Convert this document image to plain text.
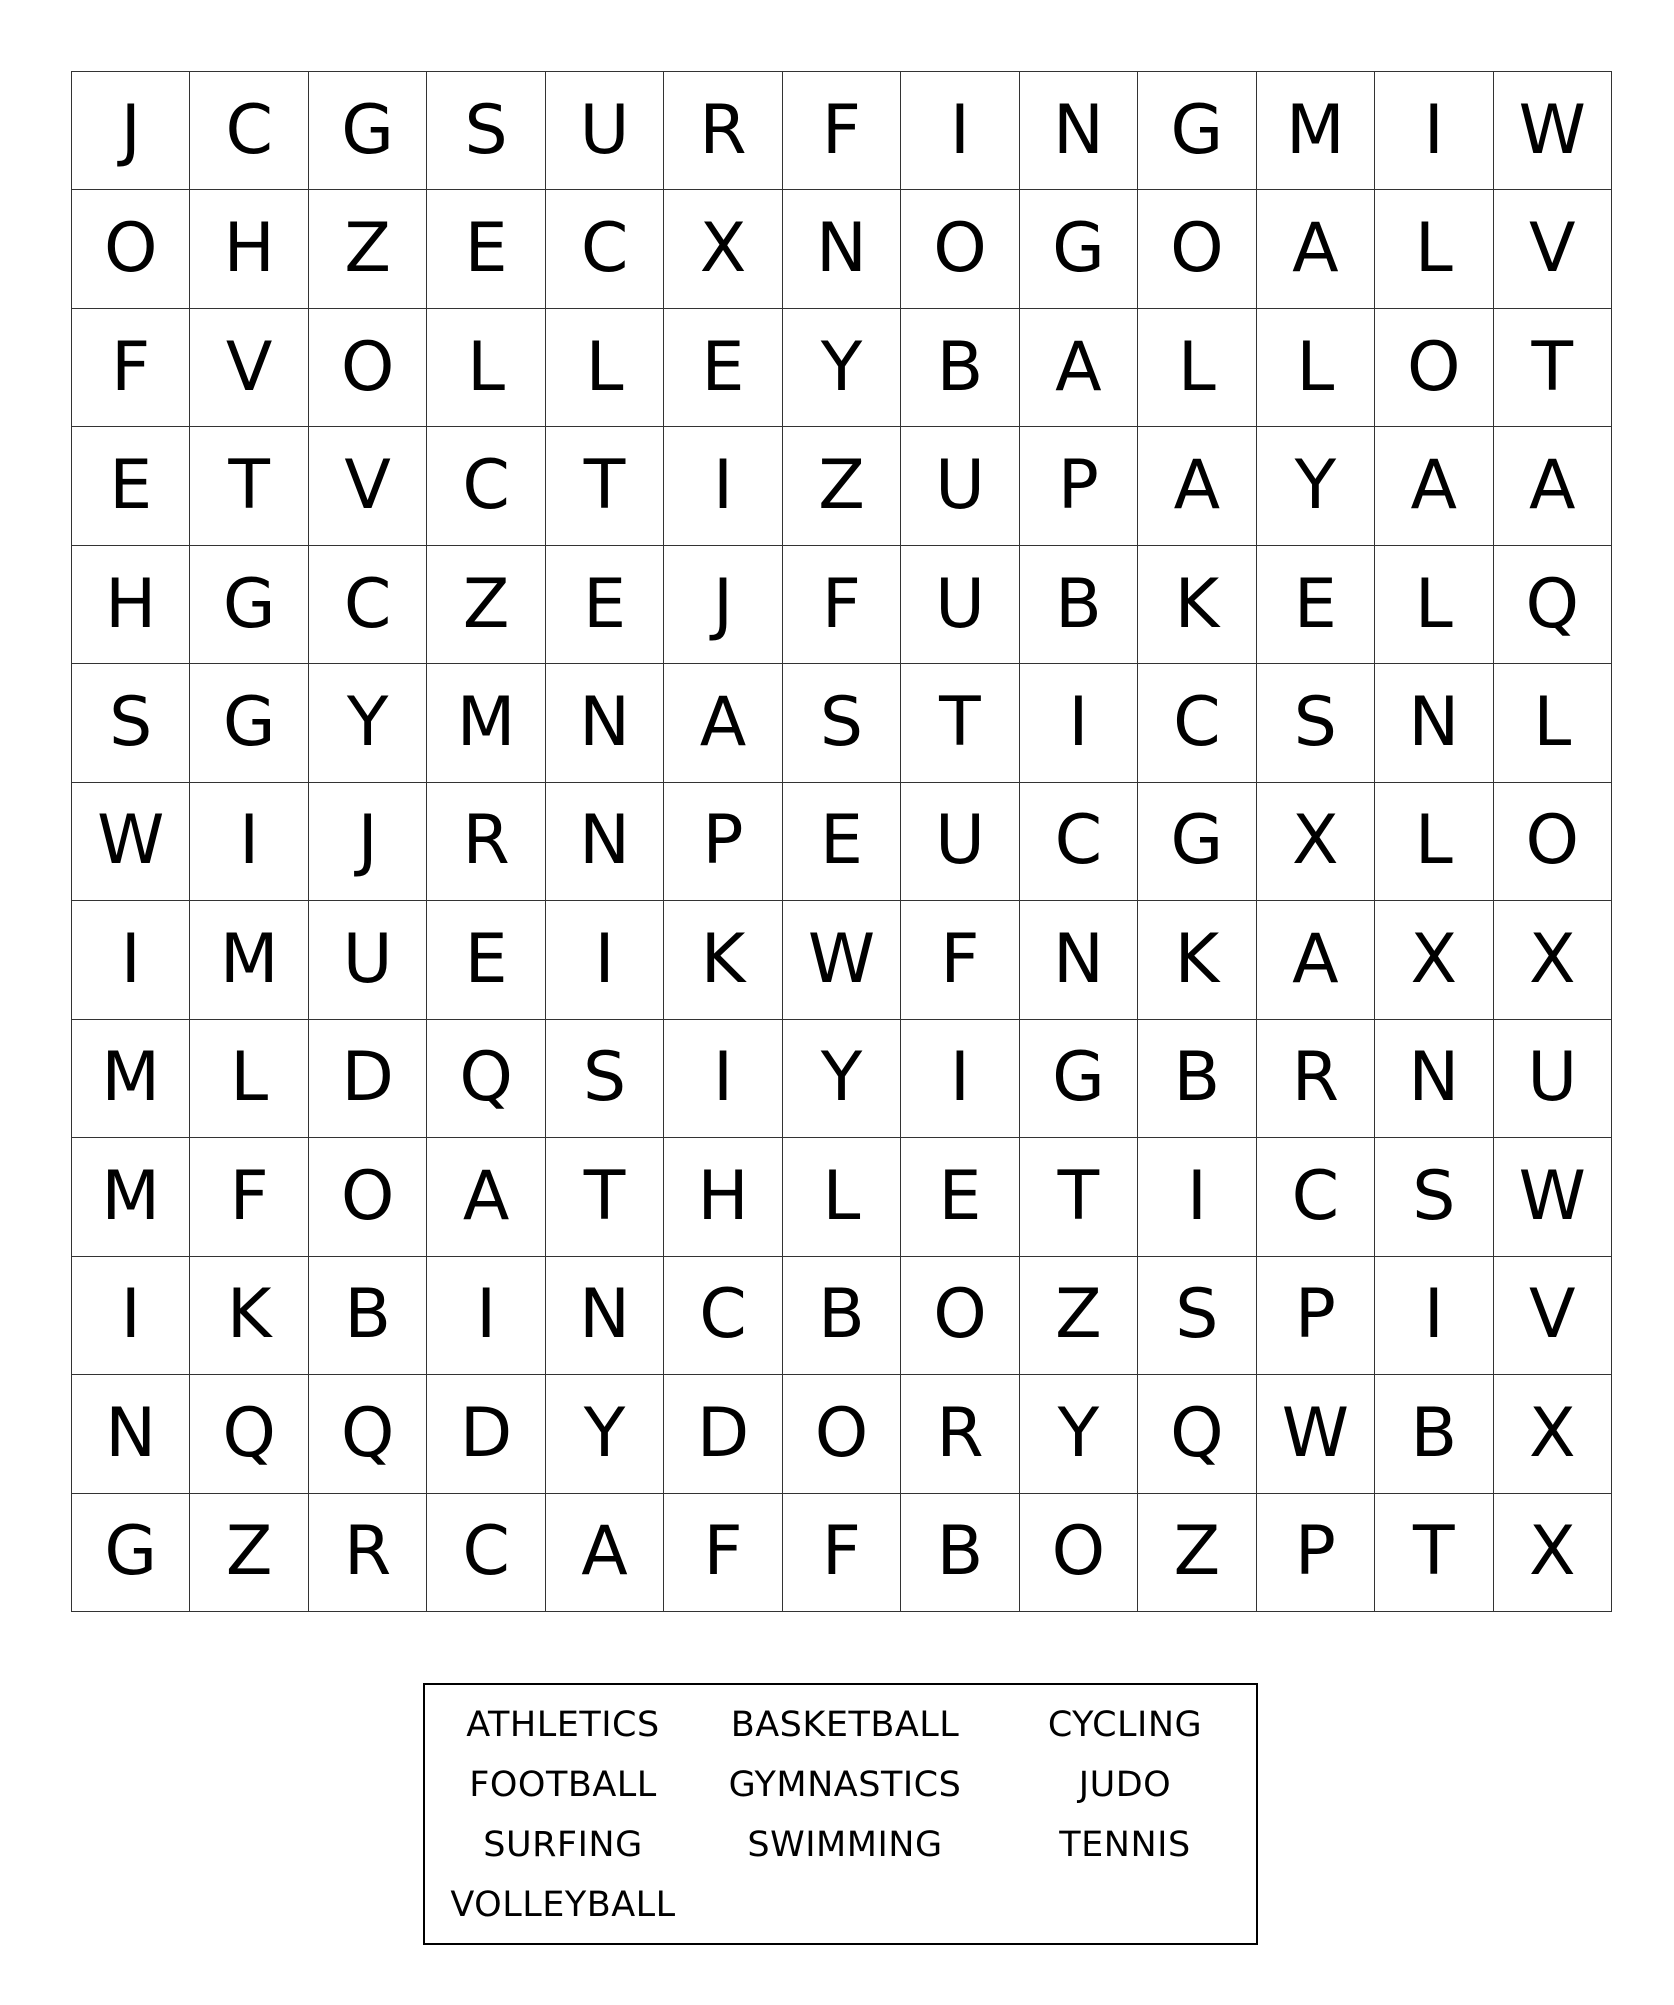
J	C	G	S	U	R	F	I	N G M	I	W
O H	Z	E	C	X	N O G O	A	L	V
F	V	O	L	L	E	Y	B	A	L	L	O	T
E	T	V	C	T	I	Z	U	P	A	Y	A	A
H G	C	Z	E	J	F	U	B	K	E	L	Q
S	G	Y	M N	A	S	T	I	C	S	N	L
W	I	J	R	N	P	E	U	C	G	X	L	O
I	M U	E	I	K W F	N	K	A	X	X
M	L	D Q	S	I	Y	I	G	B	R	N	U
M	F	O	A	T	H	L	E	T	I	C	S W
I	K	B	I	N	C	B	O	Z	S	P	I	V
N Q Q D	Y	D O	R	Y	Q W B	X
G	Z	R	C	A	F	F	B	O	Z	P	T	X
ATHLETICS	BASKETBALL	CYCLING
FOOTBALL	GYMNASTICS	JUDO
SURFING	SWIMMING	TENNIS
VOLLEYBALL
